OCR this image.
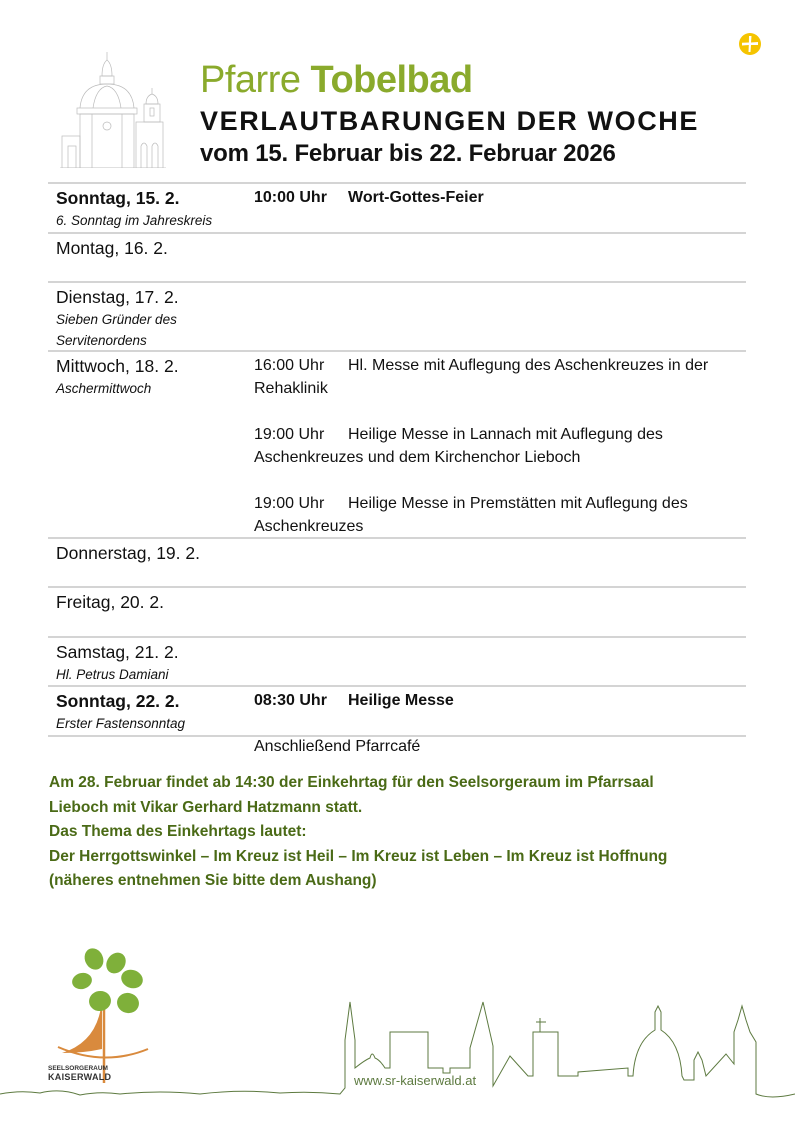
Pfarre Tobelbad
VERLAUTBARUNGEN DER WOCHE
vom 15. Februar bis 22. Februar 2026
Sonntag, 15. 2.
6. Sonntag im Jahreskreis
10:00 Uhr Wort-Gottes-Feier
Montag, 16. 2.
Dienstag, 17. 2.
Sieben Gründer des Servitenordens
Mittwoch, 18. 2.
Aschermittwoch
16:00 Uhr Hl. Messe mit Auflegung des Aschenkreuzes in der Rehaklinik
19:00 Uhr Heilige Messe in Lannach mit Auflegung des Aschenkreuzes und dem Kirchenchor Lieboch
19:00 Uhr Heilige Messe in Premstätten mit Auflegung des Aschenkreuzes
Donnerstag, 19. 2.
Freitag, 20. 2.
Samstag, 21. 2.
Hl. Petrus Damiani
Sonntag, 22. 2.
Erster Fastensonntag
08:30 Uhr Heilige Messe
Anschließend Pfarrcafé
Am 28. Februar findet ab 14:30 der Einkehrtag für den Seelsorgeraum im Pfarrsaal
Lieboch mit Vikar Gerhard Hatzmann statt.
Das Thema des Einkehrtags lautet:
Der Herrgottswinkel – Im Kreuz ist Heil – Im Kreuz ist Leben – Im Kreuz ist Hoffnung
(näheres entnehmen Sie bitte dem Aushang)
SEELSORGERAUM
KAISERWALD	www.sr-kaiserwald.at
